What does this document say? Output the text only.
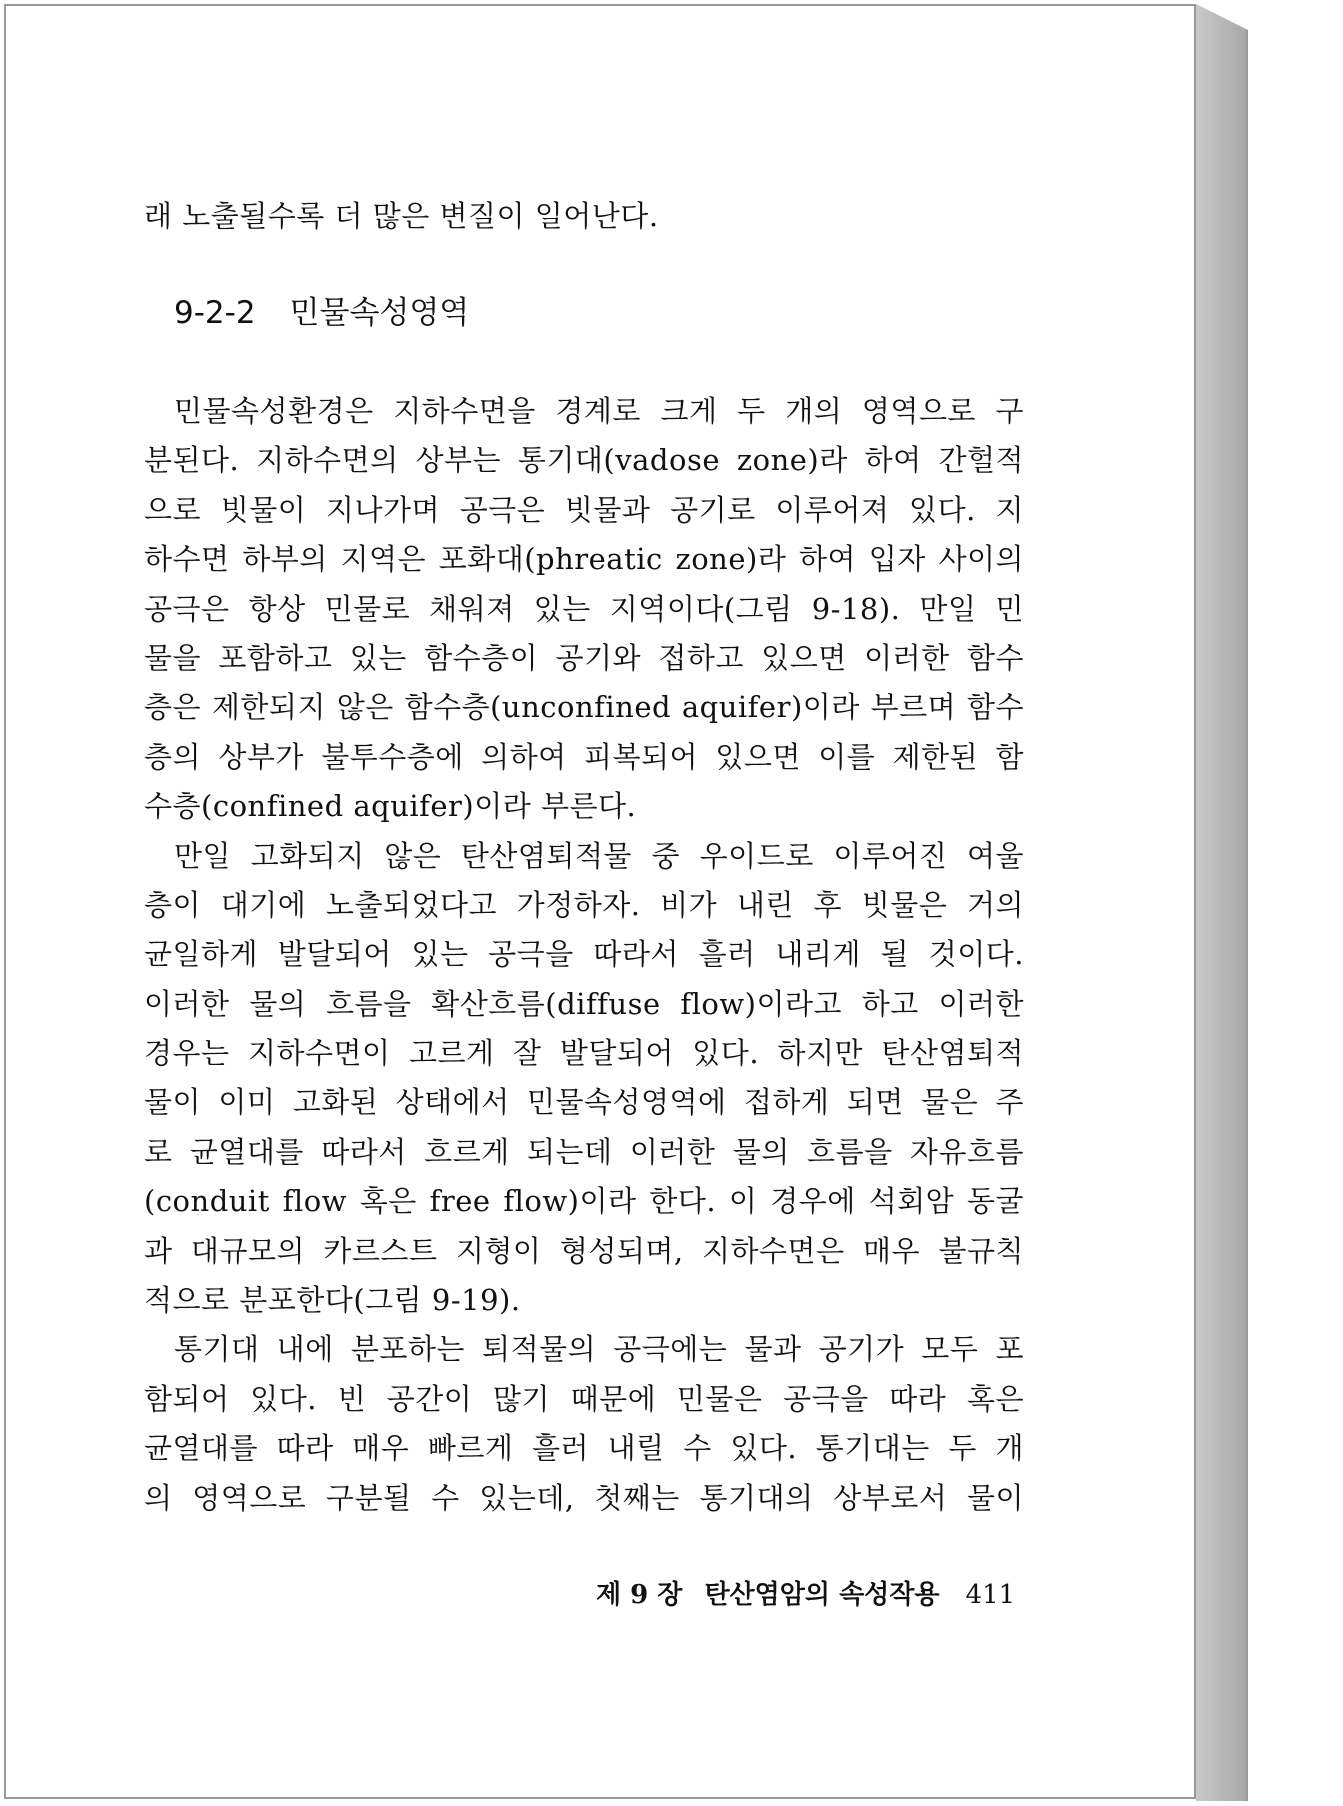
래 노출될수록 더 많은 변질이 일어난다.
9-2-2 민물속성영역
민물속성환경은 지하수면을 경계로 크게 두 개의 영역으로 구
분된다. 지하수면의 상부는 통기대(vadose zone)라 하여 간헐적
으로 빗물이 지나가며 공극은 빗물과 공기로 이루어져 있다. 지
하수면 하부의 지역은 포화대(phreatic zone)라 하여 입자 사이의
공극은 항상 민물로 채워져 있는 지역이다(그림 9-18). 만일 민
물을 포함하고 있는 함수층이 공기와 접하고 있으면 이러한 함수
층은 제한되지 않은 함수층(unconfined aquifer)이라 부르며 함수
층의 상부가 불투수층에 의하여 피복되어 있으면 이를 제한된 함
수층(confined aquifer)이라 부른다.
만일 고화되지 않은 탄산염퇴적물 중 우이드로 이루어진 여울
층이 대기에 노출되었다고 가정하자. 비가 내린 후 빗물은 거의
균일하게 발달되어 있는 공극을 따라서 흘러 내리게 될 것이다.
이러한 물의 흐름을 확산흐름(diffuse flow)이라고 하고 이러한
경우는 지하수면이 고르게 잘 발달되어 있다. 하지만 탄산염퇴적
물이 이미 고화된 상태에서 민물속성영역에 접하게 되면 물은 주
로 균열대를 따라서 흐르게 되는데 이러한 물의 흐름을 자유흐름
(conduit flow 혹은 free flow)이라 한다. 이 경우에 석회암 동굴
과 대규모의 카르스트 지형이 형성되며, 지하수면은 매우 불규칙
적으로 분포한다(그림 9-19).
통기대 내에 분포하는 퇴적물의 공극에는 물과 공기가 모두 포
함되어 있다. 빈 공간이 많기 때문에 민물은 공극을 따라 혹은
균열대를 따라 매우 빠르게 흘러 내릴 수 있다. 통기대는 두 개
의 영역으로 구분될 수 있는데, 첫째는 통기대의 상부로서 물이
제 9 장 탄산염암의 속성작용 411
